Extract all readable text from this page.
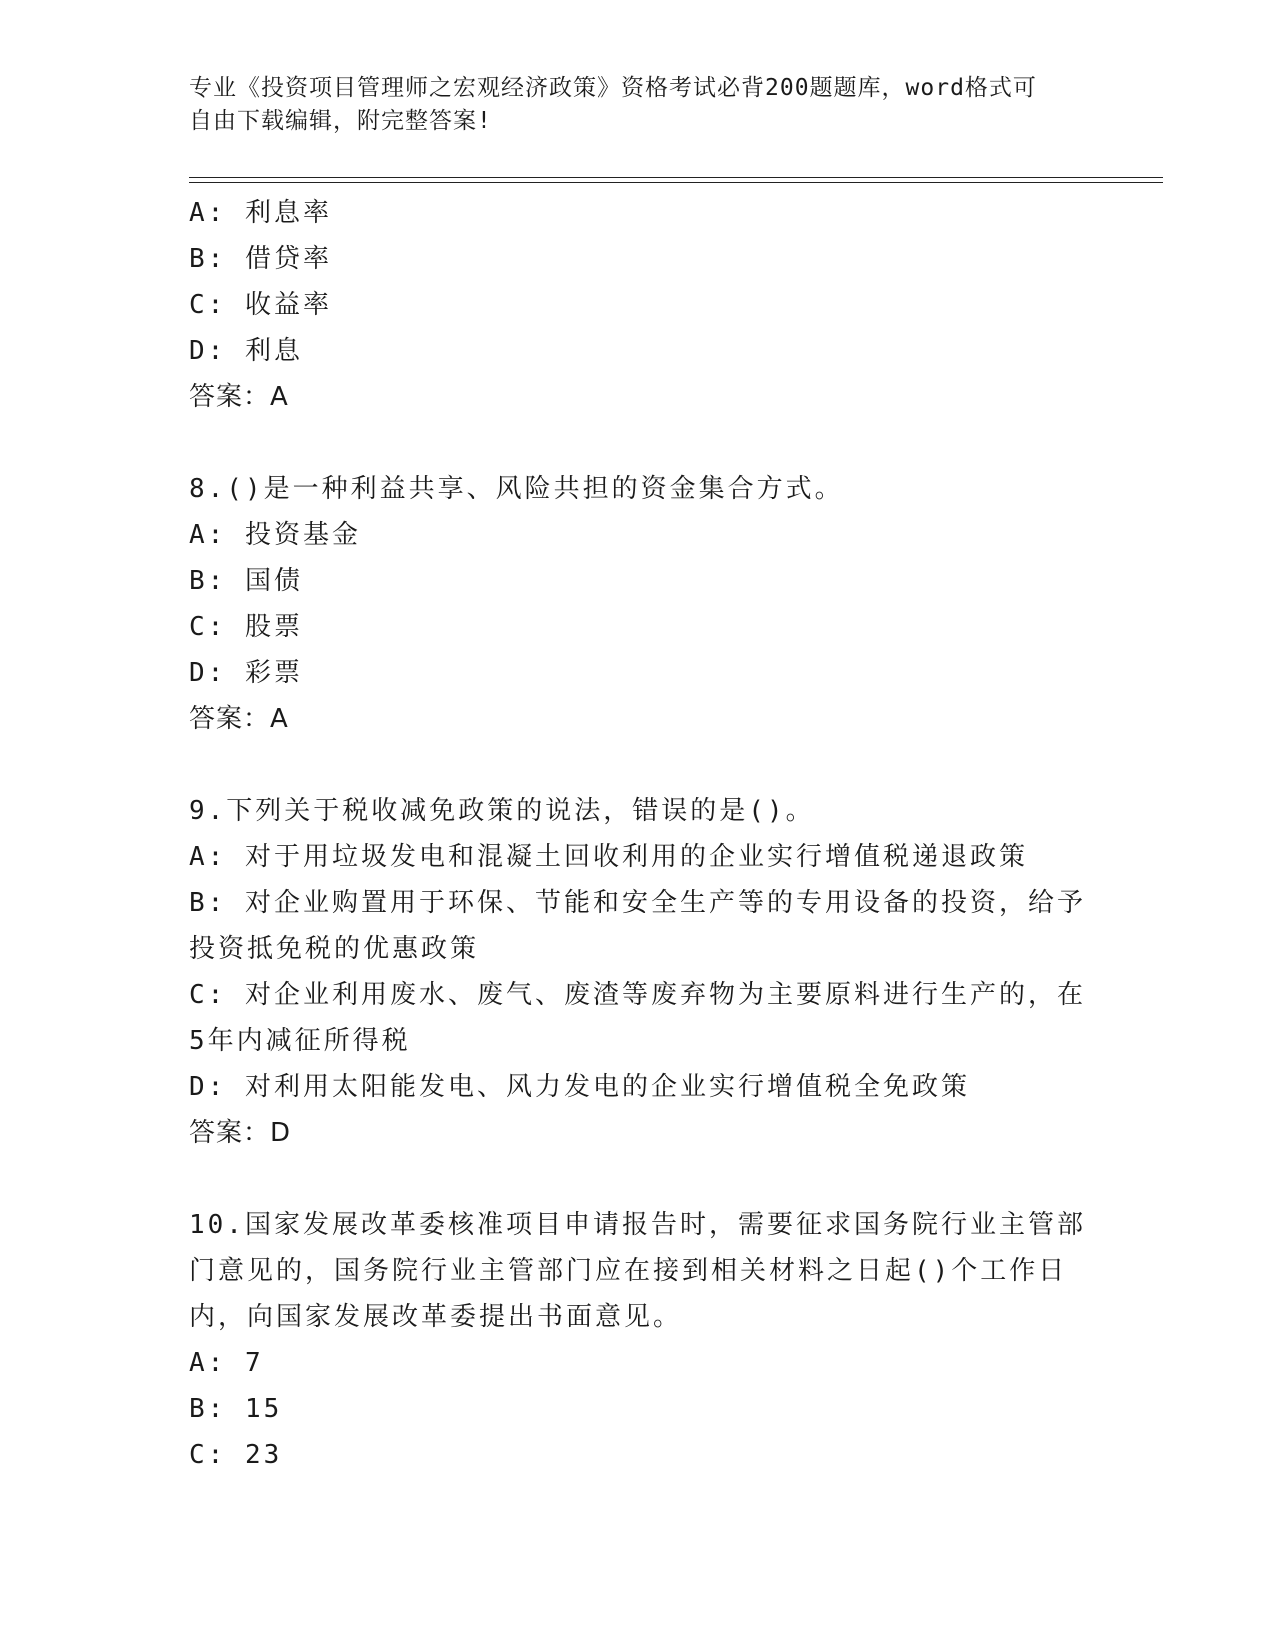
专业《投资项目管理师之宏观经济政策》资格考试必背200题题库，word格式可
自由下载编辑，附完整答案!
A: 利息率
B: 借贷率
C: 收益率
D: 利息
答案：A
8.()是一种利益共享、风险共担的资金集合方式。
A: 投资基金
B: 国债
C: 股票
D: 彩票
答案：A
9.下列关于税收减免政策的说法，错误的是()。
A: 对于用垃圾发电和混凝土回收利用的企业实行增值税递退政策
B: 对企业购置用于环保、节能和安全生产等的专用设备的投资，给予
投资抵免税的优惠政策
C: 对企业利用废水、废气、废渣等废弃物为主要原料进行生产的，在
5年内减征所得税
D: 对利用太阳能发电、风力发电的企业实行增值税全免政策
答案：D
10.国家发展改革委核准项目申请报告时，需要征求国务院行业主管部
门意见的，国务院行业主管部门应在接到相关材料之日起()个工作日
内，向国家发展改革委提出书面意见。
A: 7
B: 15
C: 23
